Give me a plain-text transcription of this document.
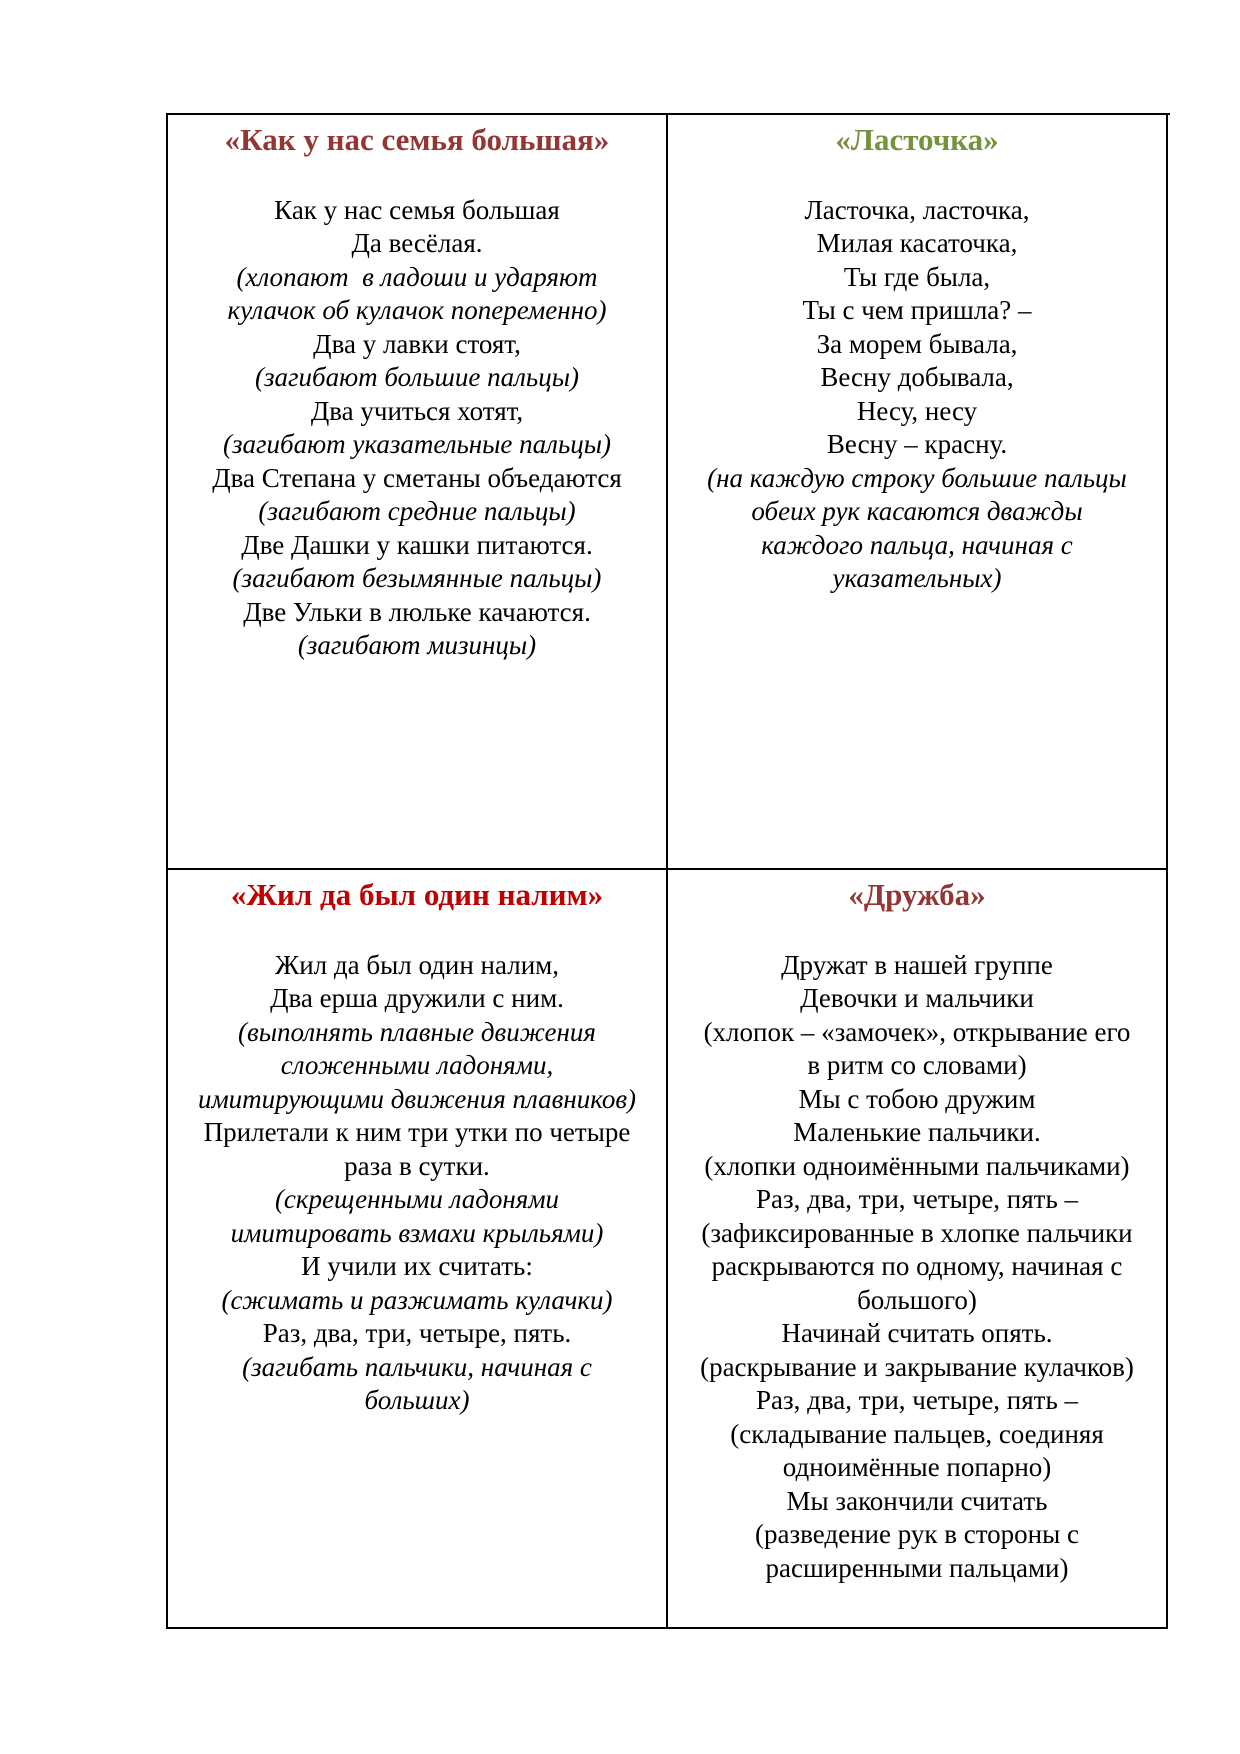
«Как у нас семья большая»
Как у нас семья большая
Да весёлая.
(хлопают  в ладоши и ударяют
кулачок об кулачок попеременно)
Два у лавки стоят,
(загибают большие пальцы)
Два учиться хотят,
(загибают указательные пальцы)
Два Степана у сметаны объедаются
(загибают средние пальцы)
Две Дашки у кашки питаются.
(загибают безымянные пальцы)
Две Ульки в люльке качаются.
(загибают мизинцы)
«Ласточка»
Ласточка, ласточка,
Милая касаточка,
Ты где была,
Ты с чем пришла? –
За морем бывала,
Весну добывала,
Несу, несу
Весну – красну.
(на каждую строку большие пальцы
обеих рук касаются дважды
каждого пальца, начиная с
указательных)
«Жил да был один налим»
Жил да был один налим,
Два ерша дружили с ним.
(выполнять плавные движения
сложенными ладонями,
имитирующими движения плавников)
Прилетали к ним три утки по четыре
раза в сутки.
(скрещенными ладонями
имитировать взмахи крыльями)
И учили их считать:
(сжимать и разжимать кулачки)
Раз, два, три, четыре, пять.
(загибать пальчики, начиная с
больших)
«Дружба»
Дружат в нашей группе
Девочки и мальчики
(хлопок – «замочек», открывание его
в ритм со словами)
Мы с тобою дружим
Маленькие пальчики.
(хлопки одноимёнными пальчиками)
Раз, два, три, четыре, пять –
(зафиксированные в хлопке пальчики
раскрываются по одному, начиная с
большого)
Начинай считать опять.
(раскрывание и закрывание кулачков)
Раз, два, три, четыре, пять –
(складывание пальцев, соединяя
одноимённые попарно)
Мы закончили считать
(разведение рук в стороны с
расширенными пальцами)
